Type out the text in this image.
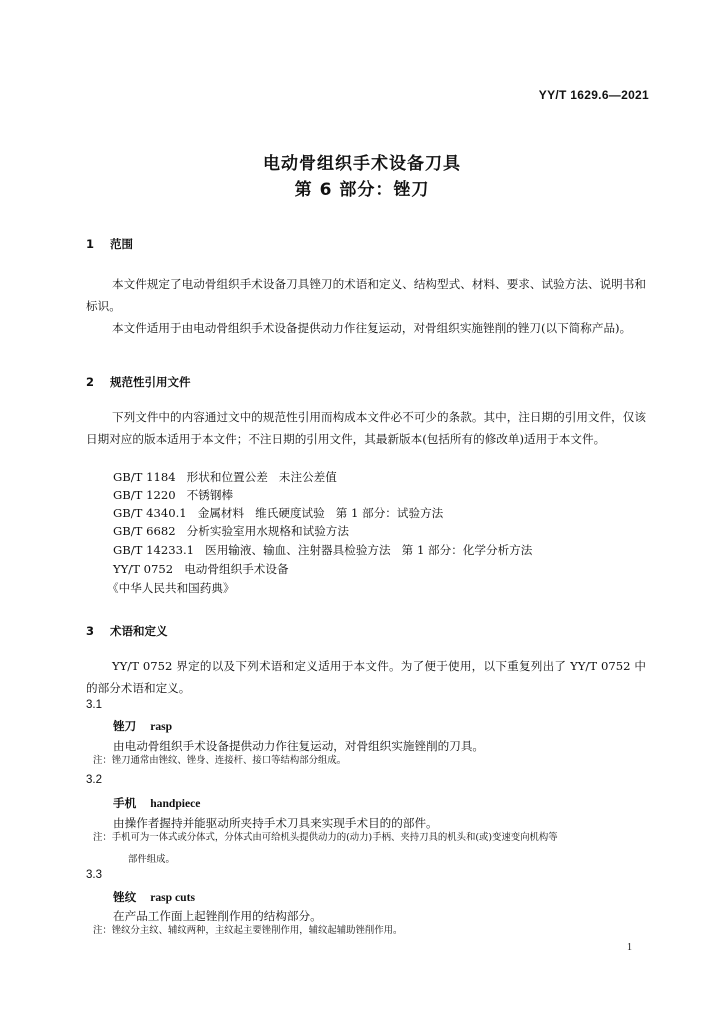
YY/T 1629.6—2021
电动骨组织手术设备刀具
第 6 部分：锉刀
1 范围
本文件规定了电动骨组织手术设备刀具锉刀的术语和定义、结构型式、材料、要求、试验方法、说明书和标识。
本文件适用于由电动骨组织手术设备提供动力作往复运动，对骨组织实施锉削的锉刀(以下简称产品)。
2 规范性引用文件
下列文件中的内容通过文中的规范性引用而构成本文件必不可少的条款。其中，注日期的引用文件，仅该日期对应的版本适用于本文件；不注日期的引用文件，其最新版本(包括所有的修改单)适用于本文件。
GB/T 1184   形状和位置公差   未注公差值
GB/T 1220   不锈钢棒
GB/T 4340.1   金属材料   维氏硬度试验   第 1 部分：试验方法
GB/T 6682   分析实验室用水规格和试验方法
GB/T 14233.1   医用输液、输血、注射器具检验方法   第 1 部分：化学分析方法
YY/T 0752   电动骨组织手术设备
《中华人民共和国药典》
3 术语和定义
YY/T 0752 界定的以及下列术语和定义适用于本文件。为了便于使用，以下重复列出了 YY/T 0752 中的部分术语和定义。
3.1
锉刀 rasp
由电动骨组织手术设备提供动力作往复运动，对骨组织实施锉削的刀具。
注：锉刀通常由锉纹、锉身、连接杆、接口等结构部分组成。
3.2
手机 handpiece
由操作者握持并能驱动所夹持手术刀具来实现手术目的的部件。
注：手机可为一体式或分体式，分体式由可给机头提供动力的(动力)手柄、夹持刀具的机头和(或)变速变向机构等
部件组成。
3.3
锉纹 rasp cuts
在产品工作面上起锉削作用的结构部分。
注：锉纹分主纹、辅纹两种，主纹起主要锉削作用，辅纹起辅助锉削作用。
1
